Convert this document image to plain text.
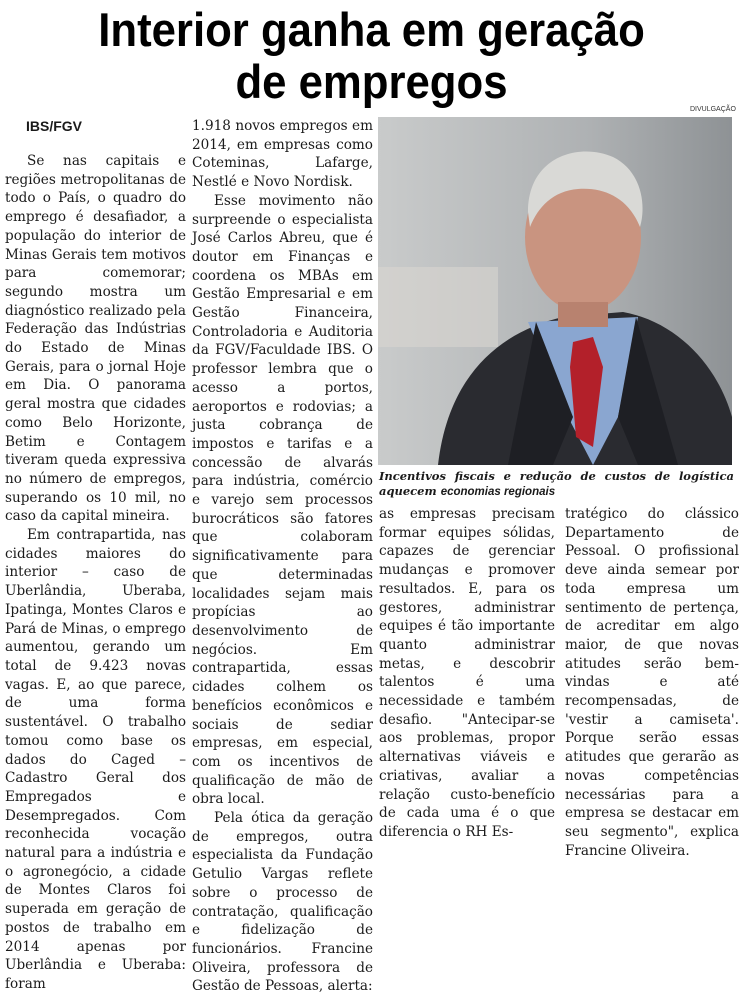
Interior ganha em geração
de empregos
IBS/FGV

Se nas capitais e regiões metropolitanas de todo o País, o quadro do emprego é desafiador, a população do interior de Minas Gerais tem motivos para comemorar; segundo mostra um diagnóstico realizado pela Federação das Indústrias do Estado de Minas Gerais, para o jornal Hoje em Dia. O panorama geral mostra que cidades como Belo Horizonte, Betim e Contagem tiveram queda expressiva no número de empregos, superando os 10 mil, no caso da capital mineira.

Em contrapartida, nas cidades maiores do interior – caso de Uberlândia, Uberaba, Ipatinga, Montes Claros e Pará de Minas, o emprego aumentou, gerando um total de 9.423 novas vagas. E, ao que parece, de uma forma sustentável. O trabalho tomou como base os dados do Caged – Cadastro Geral dos Empregados e Desempregados. Com reconhecida vocação natural para a indústria e o agronegócio, a cidade de Montes Claros foi superada em geração de postos de trabalho em 2014 apenas por Uberlândia e Uberaba: foram

1.918 novos empregos em 2014, em empresas como Coteminas, Lafarge, Nestlé e Novo Nordisk.

Esse movimento não surpreende o especialista José Carlos Abreu, que é doutor em Finanças e coordena os MBAs em Gestão Empresarial e em Gestão Financeira, Controladoria e Auditoria da FGV/Faculdade IBS. O professor lembra que o acesso a portos, aeroportos e rodovias; a justa cobrança de impostos e tarifas e a concessão de alvarás para indústria, comércio e varejo sem processos burocráticos são fatores que colaboram significativamente para que determinadas localidades sejam mais propícias ao desenvolvimento de negócios. Em contrapartida, essas cidades colhem os benefícios econômicos e sociais de sediar empresas, em especial, com os incentivos de qualificação de mão de obra local.

Pela ótica da geração de empregos, outra especialista da Fundação Getulio Vargas reflete sobre o processo de contratação, qualificação e fidelização de funcionários. Francine Oliveira, professora de Gestão de Pessoas, alerta:

DIVULGAÇÃO
Incentivos fiscais e redução de custos de logística aquecem economias regionais

as empresas precisam formar equipes sólidas, capazes de gerenciar mudanças e promover resultados. E, para os gestores, administrar equipes é tão importante quanto administrar metas, e descobrir talentos é uma necessidade e também desafio. "Antecipar-se aos problemas, propor alternativas viáveis e criativas, avaliar a relação custo-benefício de cada uma é o que diferencia o RH Es-

tratégico do clássico Departamento de Pessoal. O profissional deve ainda semear por toda empresa um sentimento de pertença, de acreditar em algo maior, de que novas atitudes serão bem-vindas e até recompensadas, de 'vestir a camiseta'. Porque serão essas atitudes que gerarão as novas competências necessárias para a empresa se destacar em seu segmento", explica Francine Oliveira.
